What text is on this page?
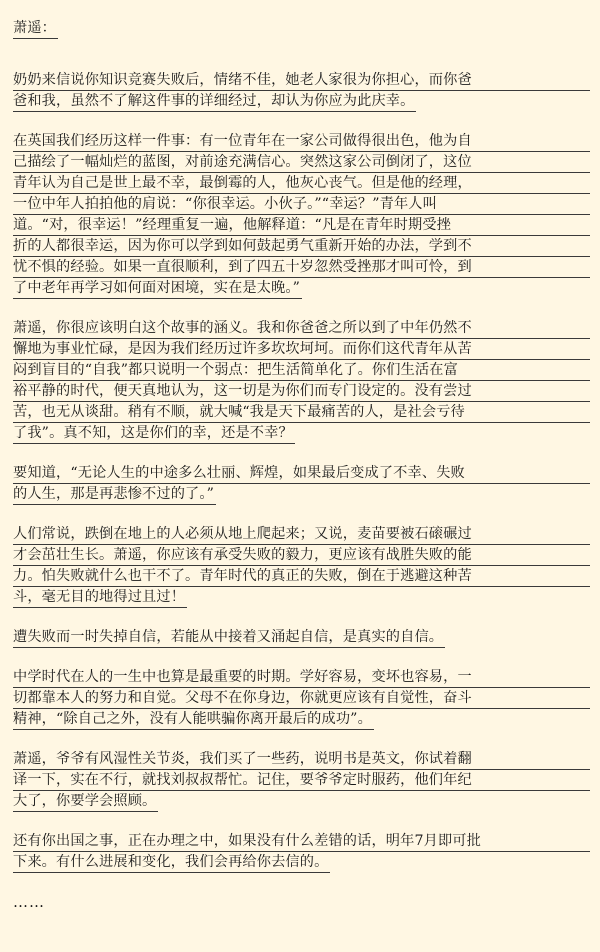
萧遥：
奶奶来信说你知识竞赛失败后，情绪不佳，她老人家很为你担心，而你爸
爸和我，虽然不了解这件事的详细经过，却认为你应为此庆幸。
在英国我们经历这样一件事：有一位青年在一家公司做得很出色，他为自
己描绘了一幅灿烂的蓝图，对前途充满信心。突然这家公司倒闭了，这位
青年认为自己是世上最不幸，最倒霉的人，他灰心丧气。但是他的经理，
一位中年人拍拍他的肩说：“你很幸运。小伙子。”“幸运？”青年人叫
道。“对，很幸运！”经理重复一遍，他解释道：“凡是在青年时期受挫
折的人都很幸运，因为你可以学到如何鼓起勇气重新开始的办法，学到不
忧不惧的经验。如果一直很顺利，到了四五十岁忽然受挫那才叫可怜，到
了中老年再学习如何面对困境，实在是太晚。”
萧遥，你很应该明白这个故事的涵义。我和你爸爸之所以到了中年仍然不
懈地为事业忙碌，是因为我们经历过许多坎坎坷坷。而你们这代青年从苦
闷到盲目的“自我”都只说明一个弱点：把生活简单化了。你们生活在富
裕平静的时代，便天真地认为，这一切是为你们而专门设定的。没有尝过
苦，也无从谈甜。稍有不顺，就大喊“我是天下最痛苦的人，是社会亏待
了我”。真不知，这是你们的幸，还是不幸？
要知道，“无论人生的中途多么壮丽、辉煌，如果最后变成了不幸、失败
的人生，那是再悲惨不过的了。”
人们常说，跌倒在地上的人必须从地上爬起来；又说，麦苗要被石磙碾过
才会茁壮生长。萧遥，你应该有承受失败的毅力，更应该有战胜失败的能
力。怕失败就什么也干不了。青年时代的真正的失败，倒在于逃避这种苦
斗，毫无目的地得过且过！
遭失败而一时失掉自信，若能从中接着又涌起自信，是真实的自信。
中学时代在人的一生中也算是最重要的时期。学好容易，变坏也容易，一
切都靠本人的努力和自觉。父母不在你身边，你就更应该有自觉性，奋斗
精神，“除自己之外，没有人能哄骗你离开最后的成功”。
萧遥，爷爷有风湿性关节炎，我们买了一些药，说明书是英文，你试着翻
译一下，实在不行，就找刘叔叔帮忙。记住，要爷爷定时服药，他们年纪
大了，你要学会照顾。
还有你出国之事，正在办理之中，如果没有什么差错的话，明年7月即可批
下来。有什么进展和变化，我们会再给你去信的。
……
